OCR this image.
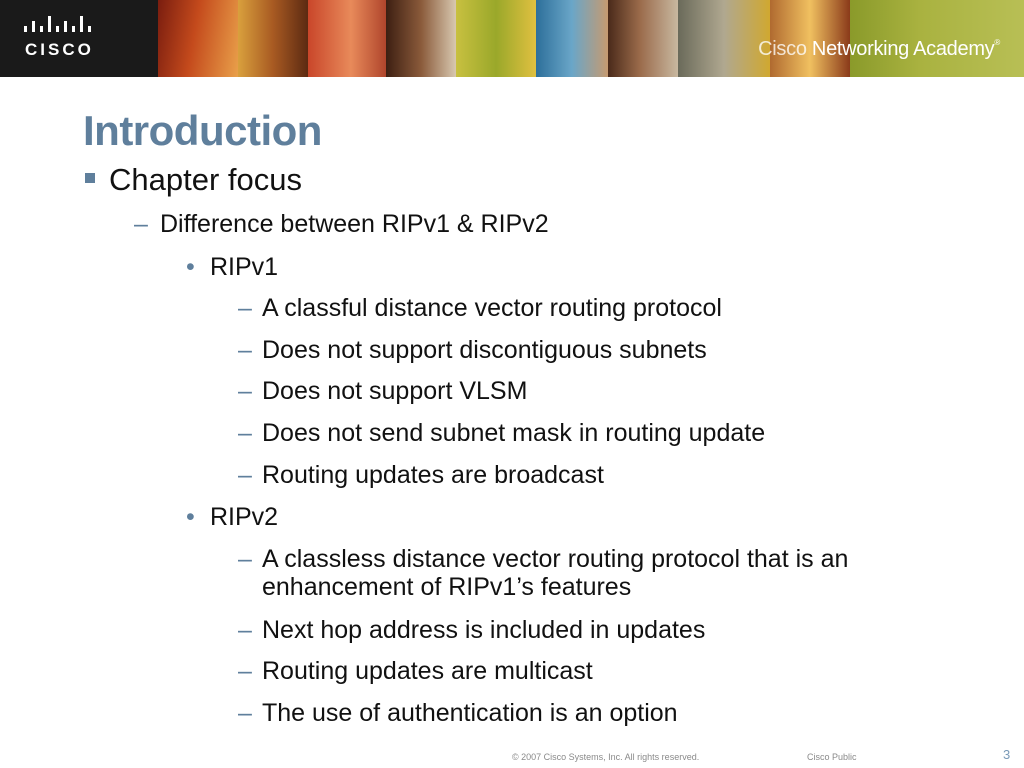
CISCO	Cisco Networking Academy®
Introduction
Chapter focus
– Difference between RIPv1 & RIPv2
• RIPv1
– A classful distance vector routing protocol
– Does not support discontiguous subnets
– Does not support VLSM
– Does not send subnet mask in routing update
– Routing updates are broadcast
• RIPv2
– A classless distance vector routing protocol that is an
enhancement of RIPv1’s features
– Next hop address is included in updates
– Routing updates are multicast
– The use of authentication is an option
© 2007 Cisco Systems, Inc. All rights reserved.	Cisco Public	3
